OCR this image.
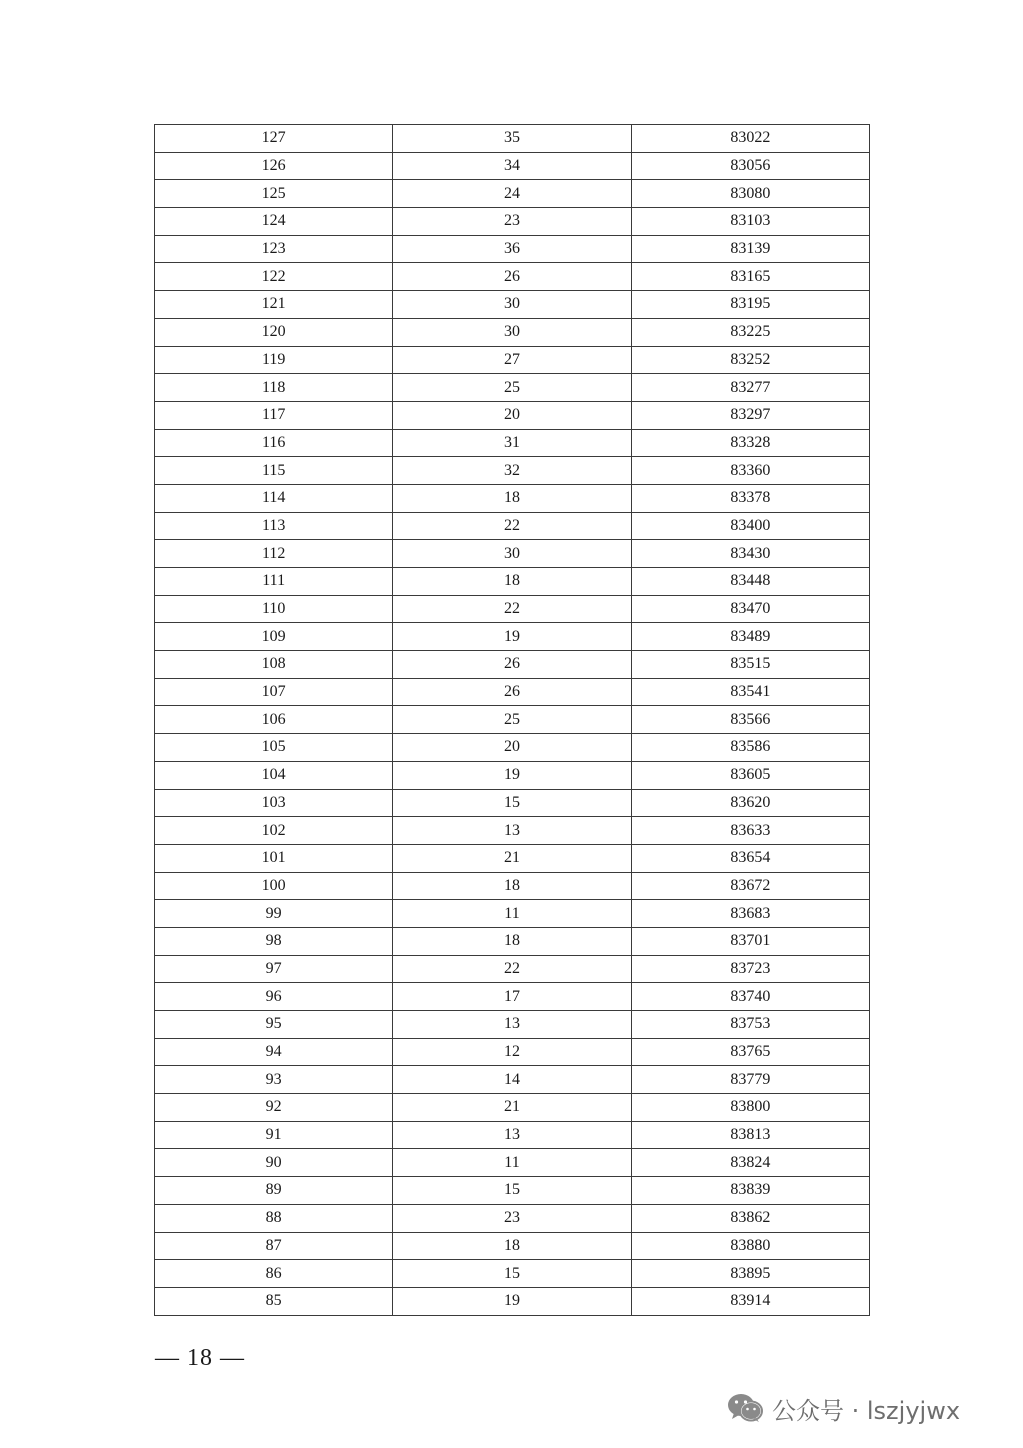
127	35	83022
126	34	83056
125	24	83080
124	23	83103
123	36	83139
122	26	83165
121	30	83195
120	30	83225
119	27	83252
118	25	83277
117	20	83297
116	31	83328
115	32	83360
114	18	83378
113	22	83400
112	30	83430
111	18	83448
110	22	83470
109	19	83489
108	26	83515
107	26	83541
106	25	83566
105	20	83586
104	19	83605
103	15	83620
102	13	83633
101	21	83654
100	18	83672
99	11	83683
98	18	83701
97	22	83723
96	17	83740
95	13	83753
94	12	83765
93	14	83779
92	21	83800
91	13	83813
90	11	83824
89	15	83839
88	23	83862
87	18	83880
86	15	83895
85	19	83914
— 18 —
公众号 · lszjyjwx
